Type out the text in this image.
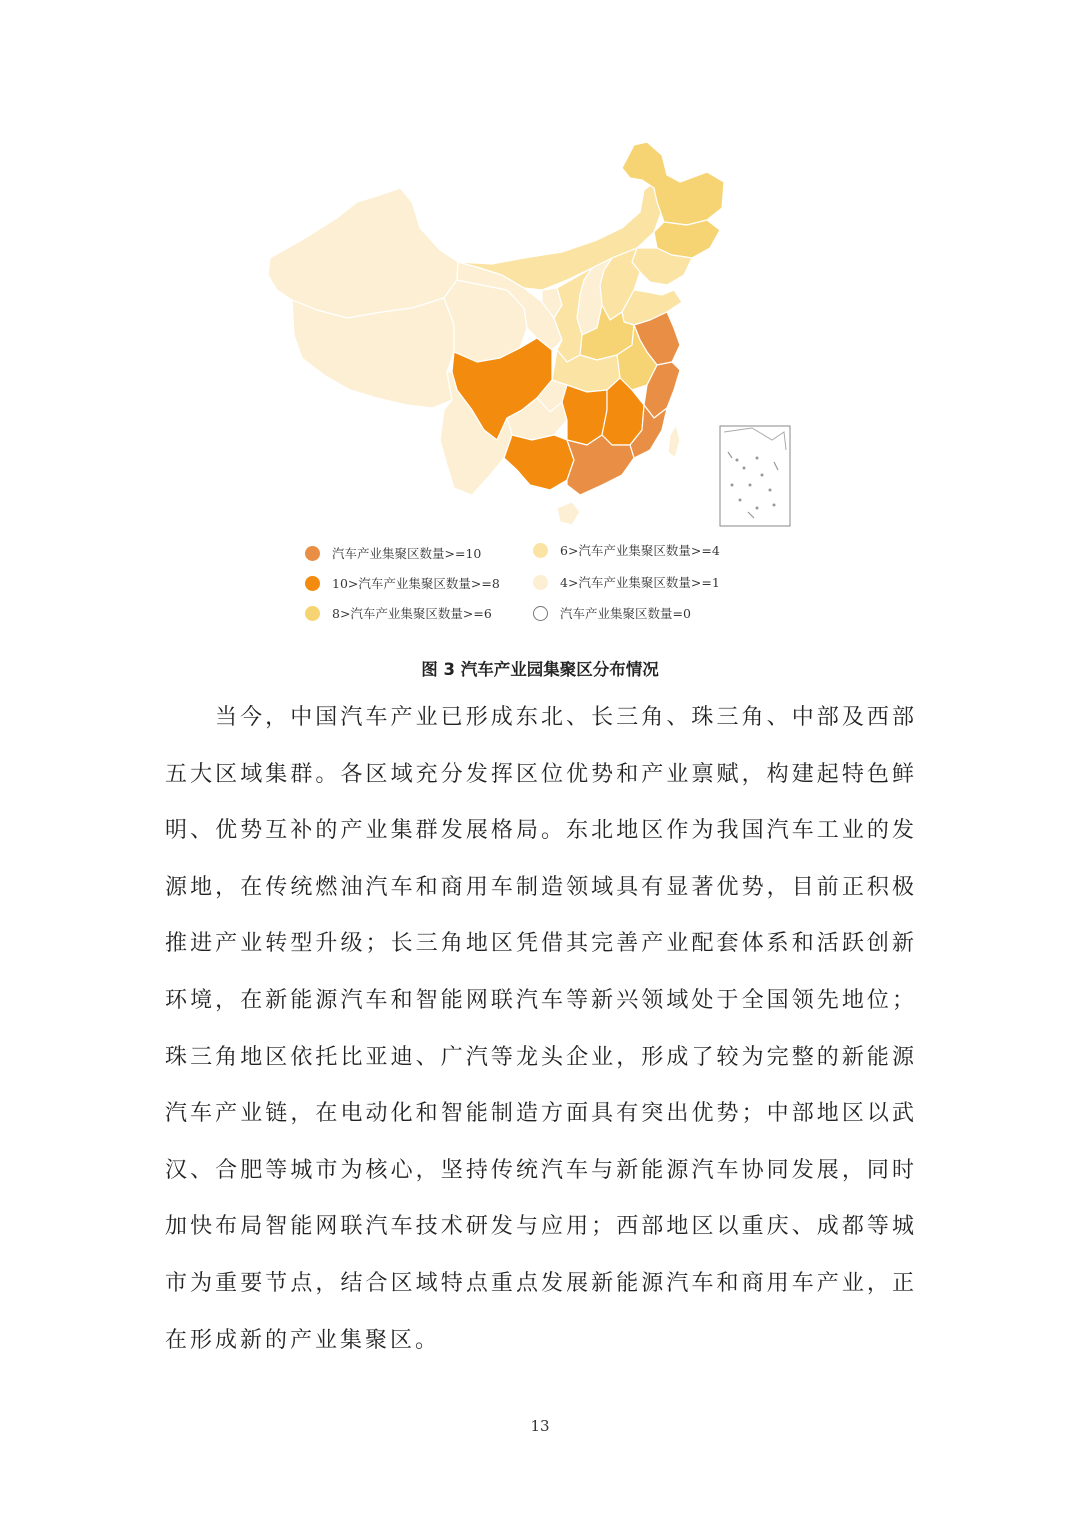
汽车产业集聚区数量>=10
10>汽车产业集聚区数量>=8
8>汽车产业集聚区数量>=6
6>汽车产业集聚区数量>=4
4>汽车产业集聚区数量>=1
汽车产业集聚区数量=0
图 3 汽车产业园集聚区分布情况

当今，中国汽车产业已形成东北、长三角、珠三角、中部及西部五大区域集群。各区域充分发挥区位优势和产业禀赋，构建起特色鲜明、优势互补的产业集群发展格局。东北地区作为我国汽车工业的发源地，在传统燃油汽车和商用车制造领域具有显著优势，目前正积极推进产业转型升级；长三角地区凭借其完善产业配套体系和活跃创新环境，在新能源汽车和智能网联汽车等新兴领域处于全国领先地位；珠三角地区依托比亚迪、广汽等龙头企业，形成了较为完整的新能源汽车产业链，在电动化和智能制造方面具有突出优势；中部地区以武汉、合肥等城市为核心，坚持传统汽车与新能源汽车协同发展，同时加快布局智能网联汽车技术研发与应用；西部地区以重庆、成都等城市为重要节点，结合区域特点重点发展新能源汽车和商用车产业，正在形成新的产业集聚区。

13
